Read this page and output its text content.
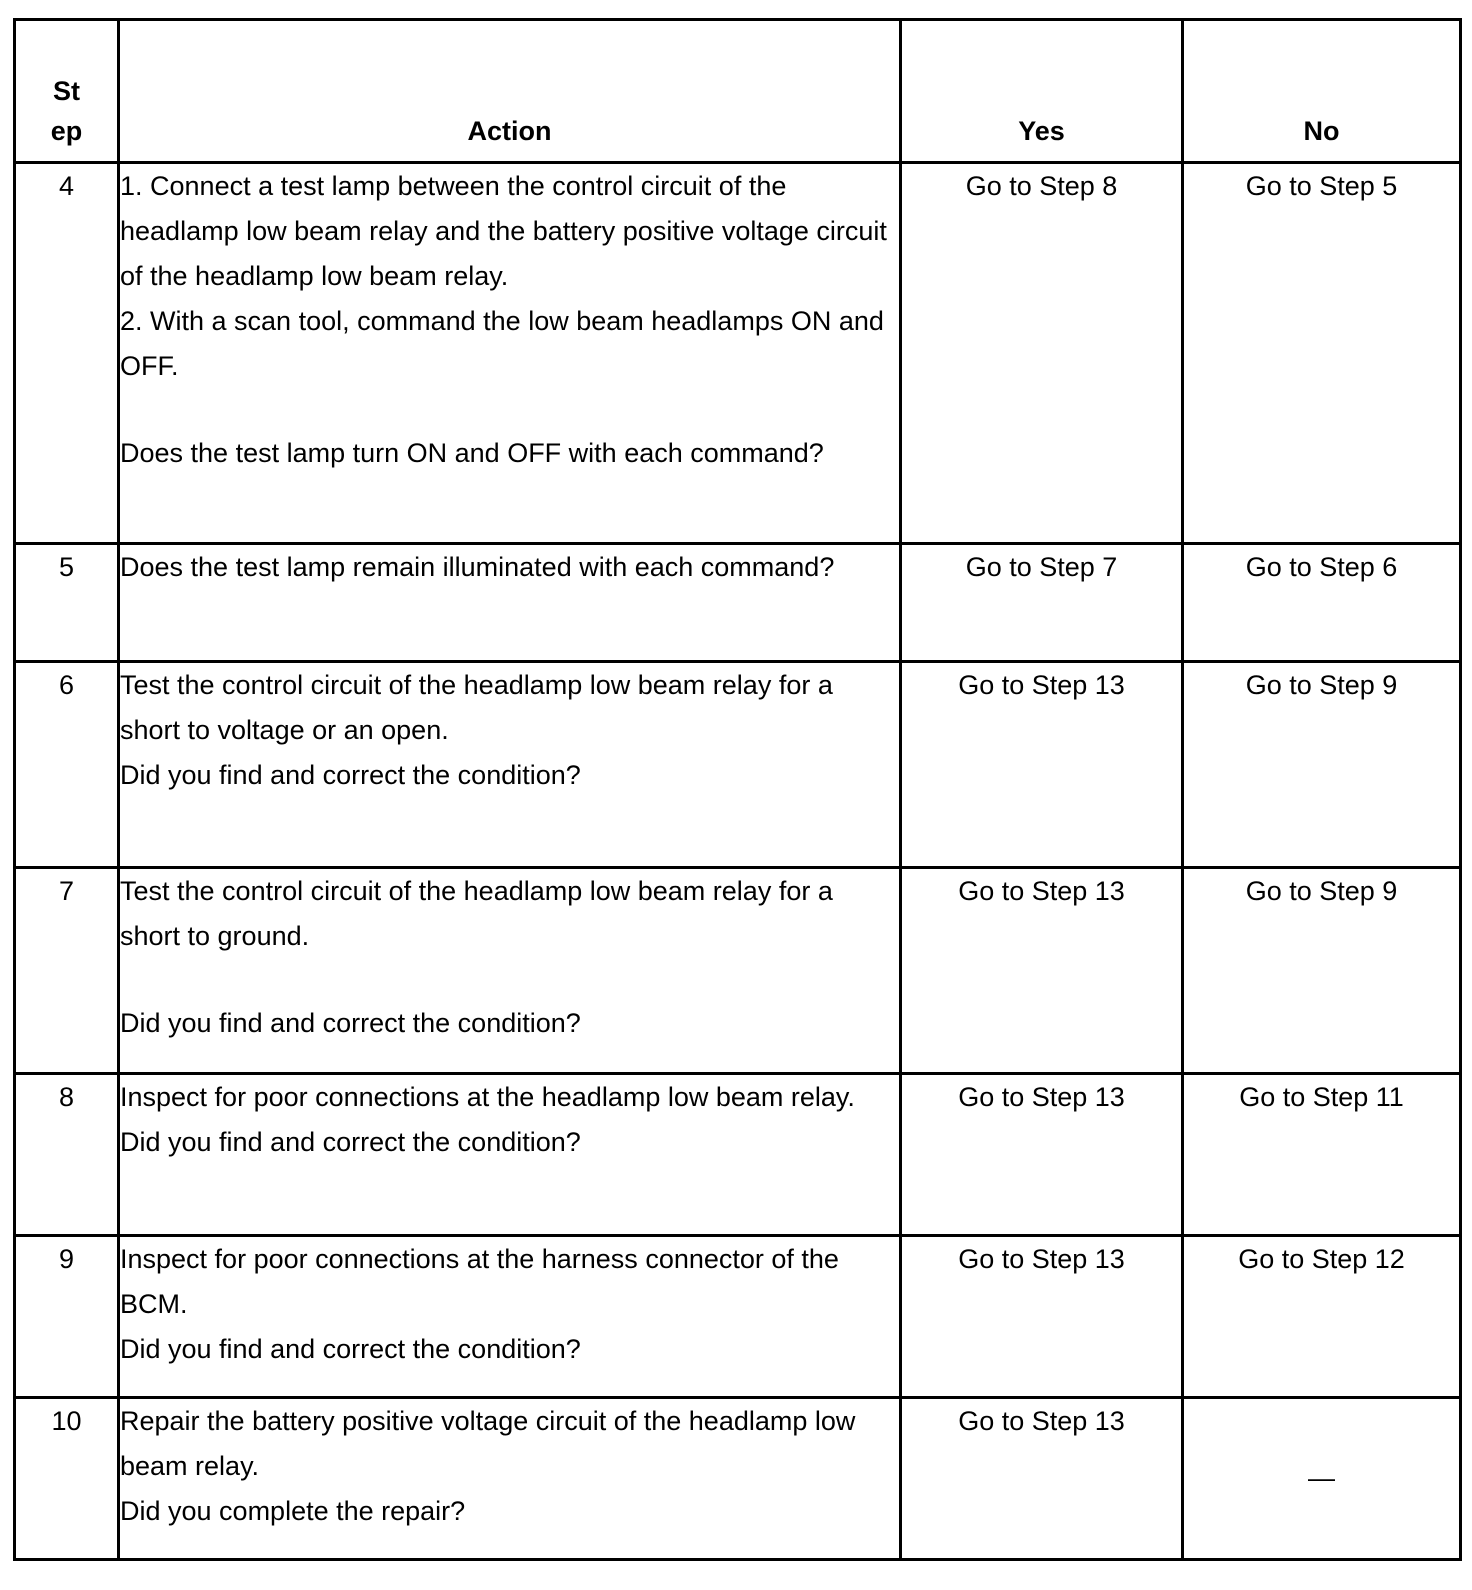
St
ep	Action	Yes	No
4	1. Connect a test lamp between the control circuit of the headlamp low beam relay and the battery positive voltage circuit of the headlamp low beam relay.

2. With a scan tool, command the low beam headlamps ON and OFF.

Does the test lamp turn ON and OFF with each command?	Go to Step 8	Go to Step 5
5	Does the test lamp remain illuminated with each command?	Go to Step 7	Go to Step 6
6	Test the control circuit of the headlamp low beam relay for a short to voltage or an open.

Did you find and correct the condition?	Go to Step 13	Go to Step 9
7	Test the control circuit of the headlamp low beam relay for a short to ground.

Did you find and correct the condition?	Go to Step 13	Go to Step 9
8	Inspect for poor connections at the headlamp low beam relay.

Did you find and correct the condition?	Go to Step 13	Go to Step 11
9	Inspect for poor connections at the harness connector of the BCM.

Did you find and correct the condition?	Go to Step 13	Go to Step 12
10	Repair the battery positive voltage circuit of the headlamp low beam relay.

Did you complete the repair?	Go to Step 13	—
